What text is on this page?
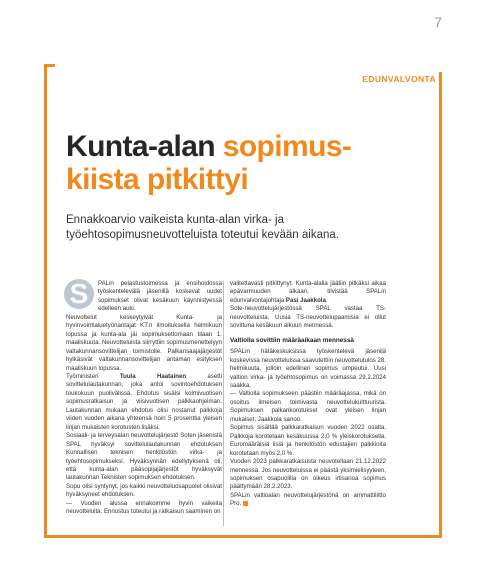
7
EDUNVALVONTA
Kunta-alan sopimus-
kiista pitkittyi

Ennakkoarvio vaikeista kunta-alan virka- ja työehtosopimusneuvotteluista toteutui kevään aikana.

S	PALin pelastustoimessa ja ensihoidossa työskentelevälä jäsenillä koskevat uudet sopimukset olivat kesäkuun käynnistyessä edelleen auki.

Neuvottelut keskeytyivät Kunta- ja hyvinvointialuetyönantajat KT:n ilmoituksella helmikuun lopussa ja kunta-ala jäi sopimuksettomaan tilaan 1. maaliskuuta. Neuvotteluista siirryttiin sopimusmenettelyyn valtakunnansovittelijan toimistolle. Palkansaajajärjestöt hylkäsivät valtakunnansovittelijan antaman esityksen maaliskuun lopussa.

Työministeri Tuula Haatainen asetti sovittelulautakunnan, joka antoi sovintoehdotuksen toukokuun puolivälissä. Ehdotus sisälsi kolmivuotisen sopimusratkaisun ja viisivuotisen palkkaohjelman. Lautakunnan mukaan ehdotus olisi nostanut palkkoja viiden vuoden aikana yhteensä noin 5 prosenttia yleisen linjan mukaisten korotusten lisäksi.

Sosiaali- ja terveysalan neuvottelujärjestö Soten jäsenistä SPAL hyväksyi sovittelulautakunnan ehdotuksen Kunnallisen teknisen henkilöstön virka- ja työehtosopimukseksi. Hyväksynnän edellytyksenä oli, että kunta-alan pääsopijajärjestöt hyväksyvät lautakunnan Teknisten sopimuksen ehdotuksen.

Sopu olisi syntynyt, jos kaikki neuvotteluosapuolet olisivat hyväksyneet ehdotuksen.

— Vuoden alussa ennakoimme hyvin vaikeita neuvotteluita. Ennustus toteutui ja ratkaisun saaminen on

valitettavasti pitkittynyt. Kunta-alalla jäätiin pitkäksi aikaa epävarmuuden alkaan, tilvistää SPALin edunvalvontajohtaja Pasi Jaakkola.

Sote-neuvottelujärjestössä SPAL vastaa TS-neuvotteluista. Uusia TS-neuvottelupaamisia ei ollut sovittuna kesäkuun alkuun mennessä.

Valtiolla sovittiin määräaikaan mennessä

SPALin hätäkeskuksissa työskentelevä jäsenilä koskevissa neuvotteluissa saavutettiin neuvottelutulos 28. helmikuuta, jolloin edellinen sopimus umpeutui. Uusi valtion virka- ja työehtosopimus on voimassa 29.2.2024 saakka.

— Valtiolla sopimukseen päästiin määräajassa, mikä on osoitus ilmeisen toimivasta neuvottelukulttuurista. Sopimuksen palkankorotukset ovat yleisen linjan mukaiset, Jaakkola sanoo.

Sopimus sisältää palkkaratkaisun vuoden 2022 osalta. Palkkoja korotetaan kesäkuussa 2,0 % yleiskorotuksella. Euromääräisiä lisiä ja henkilöstön edustajien palkkioita korotetaan myös 2,0 %.

Vuoden 2023 palkkaratkaisusta neuvotellaan 21.12.2022 mennessä. Jos neuvotteluissa ei päästä yksimielisyyteen, sopimuksen osapuolilla on oikeus irtisanoa sopimus päättymään 28.2.2023.

SPALin valtioalan neuvottelujärjestönä on ammattiliitto Pro.
